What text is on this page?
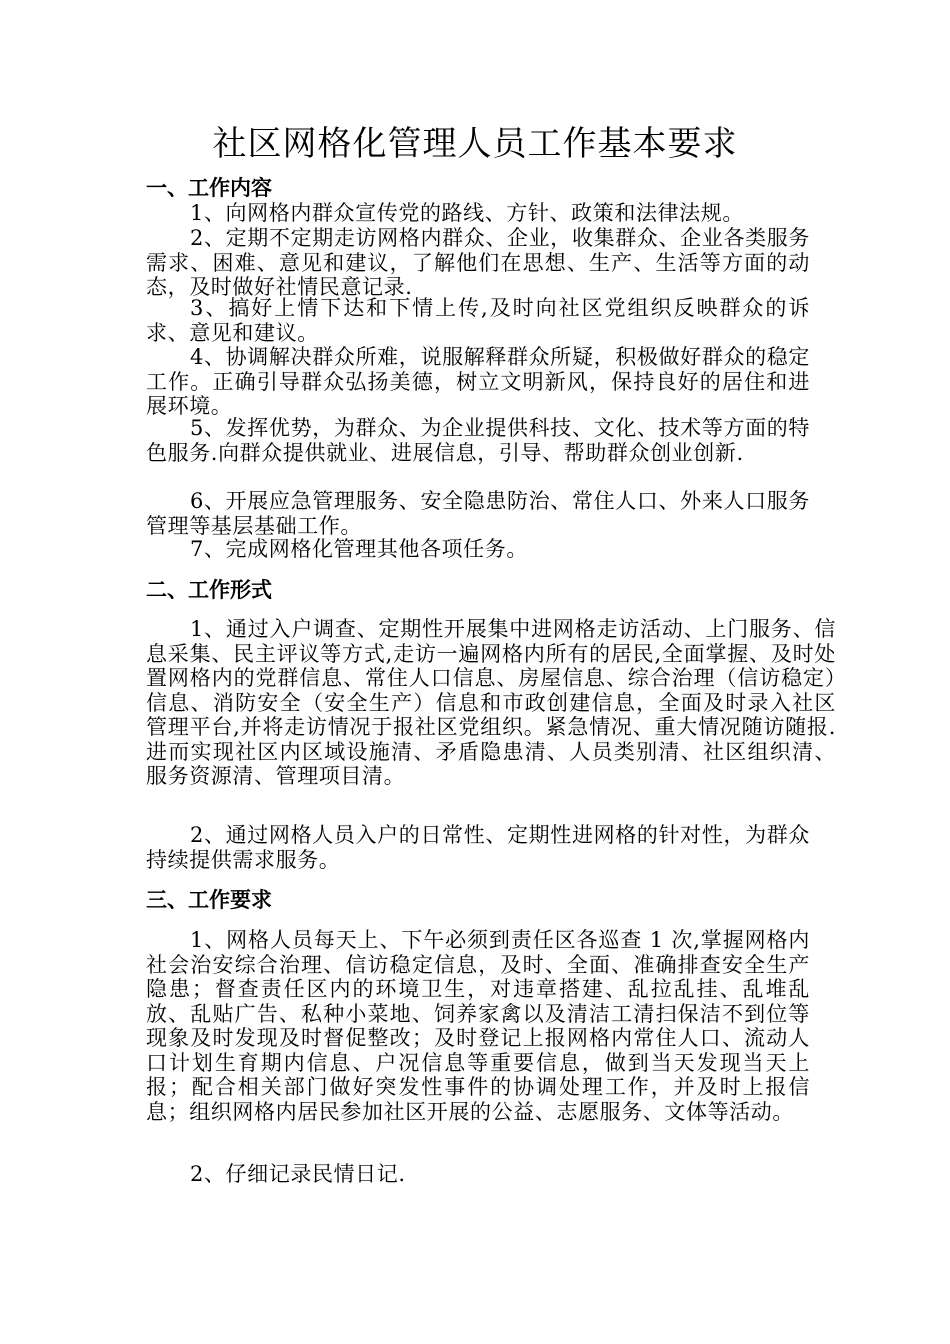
社区网格化管理人员工作基本要求
一、工作内容
1、向网格内群众宣传党的路线、方针、政策和法律法规。
2、定期不定期走访网格内群众、企业，收集群众、企业各类服务需求、困难、意见和建议，了解他们在思想、生产、生活等方面的动态，及时做好社情民意记录.
3、搞好上情下达和下情上传,及时向社区党组织反映群众的诉求、意见和建议。
4、协调解决群众所难，说服解释群众所疑，积极做好群众的稳定工作。正确引导群众弘扬美德，树立文明新风，保持良好的居住和进展环境。
5、发挥优势，为群众、为企业提供科技、文化、技术等方面的特色服务.向群众提供就业、进展信息，引导、帮助群众创业创新.
6、开展应急管理服务、安全隐患防治、常住人口、外来人口服务管理等基层基础工作。
7、完成网格化管理其他各项任务。
二、工作形式
1、通过入户调查、定期性开展集中进网格走访活动、上门服务、信息采集、民主评议等方式,走访一遍网格内所有的居民,全面掌握、及时处置网格内的党群信息、常住人口信息、房屋信息、综合治理（信访稳定）信息、消防安全（安全生产）信息和市政创建信息，全面及时录入社区管理平台,并将走访情况于报社区党组织。紧急情况、重大情况随访随报.进而实现社区内区域设施清、矛盾隐患清、人员类别清、社区组织清、服务资源清、管理项目清。
2、通过网格人员入户的日常性、定期性进网格的针对性，为群众持续提供需求服务。
三、工作要求
1、网格人员每天上、下午必须到责任区各巡查 1 次,掌握网格内社会治安综合治理、信访稳定信息，及时、全面、准确排查安全生产隐患；督查责任区内的环境卫生，对违章搭建、乱拉乱挂、乱堆乱放、乱贴广告、私种小菜地、饲养家禽以及清洁工清扫保洁不到位等现象及时发现及时督促整改；及时登记上报网格内常住人口、流动人口计划生育期内信息、户况信息等重要信息，做到当天发现当天上报；配合相关部门做好突发性事件的协调处理工作，并及时上报信息；组织网格内居民参加社区开展的公益、志愿服务、文体等活动。
2、仔细记录民情日记.
